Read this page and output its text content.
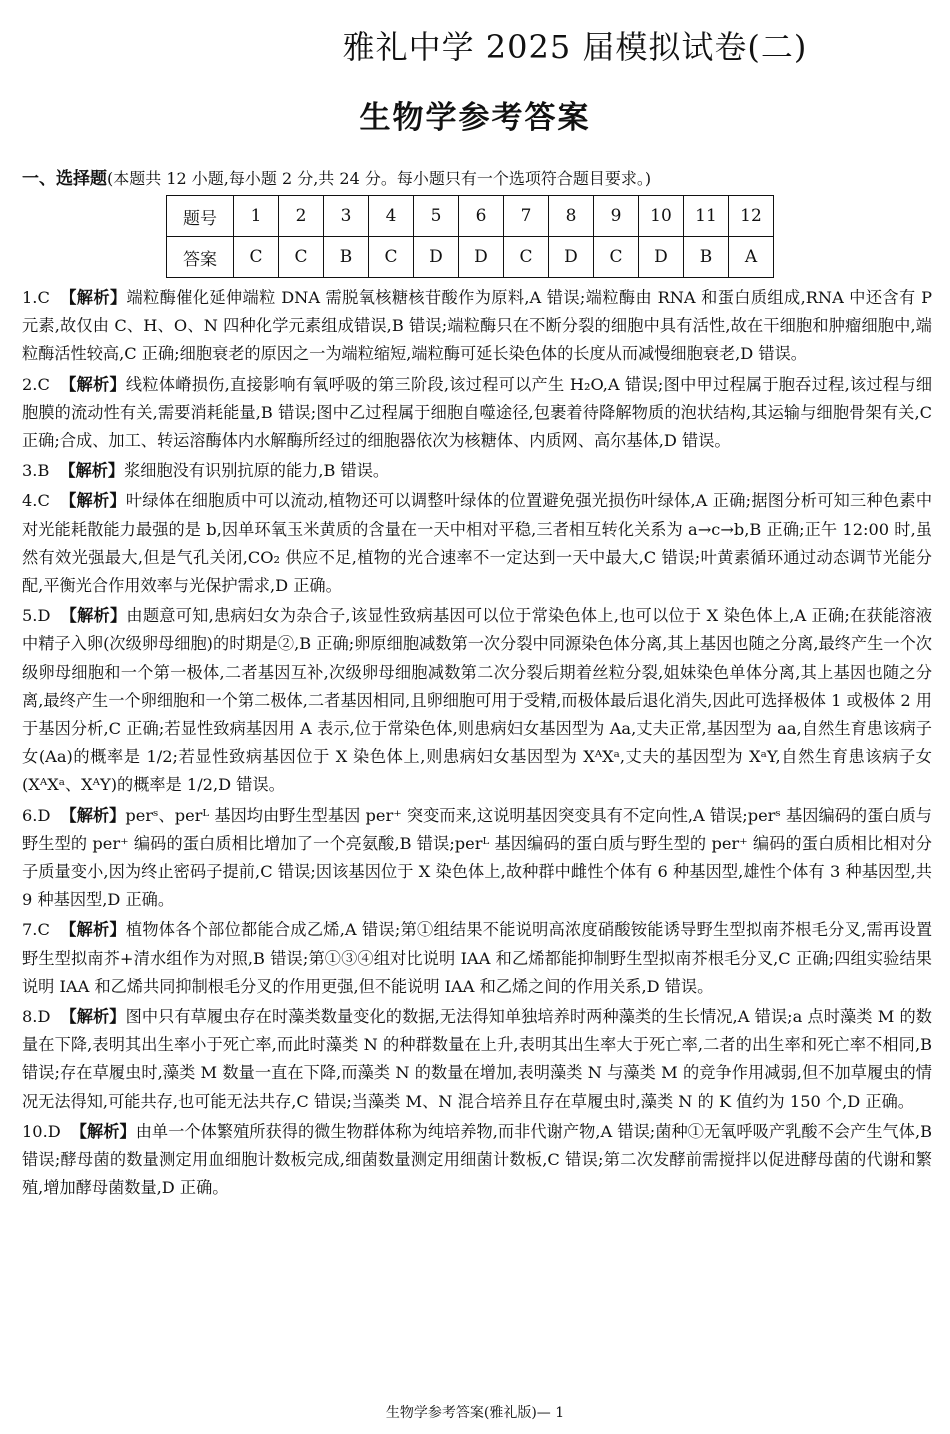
雅礼中学 2025 届模拟试卷(二)
生物学参考答案
一、选择题(本题共 12 小题,每小题 2 分,共 24 分。每小题只有一个选项符合题目要求。)
题号	1	2	3	4	5	6	7	8	9	10	11	12
答案	C	C	B	C	D	D	C	D	C	D	B	A

1.C 【解析】端粒酶催化延伸端粒 DNA 需脱氧核糖核苷酸作为原料,A 错误;端粒酶由 RNA 和蛋白质组成,RNA 中还含有 P 元素,故仅由 C、H、O、N 四种化学元素组成错误,B 错误;端粒酶只在不断分裂的细胞中具有活性,故在干细胞和肿瘤细胞中,端粒酶活性较高,C 正确;细胞衰老的原因之一为端粒缩短,端粒酶可延长染色体的长度从而减慢细胞衰老,D 错误。

2.C 【解析】线粒体嵴损伤,直接影响有氧呼吸的第三阶段,该过程可以产生 H₂O,A 错误;图中甲过程属于胞吞过程,该过程与细胞膜的流动性有关,需要消耗能量,B 错误;图中乙过程属于细胞自噬途径,包裹着待降解物质的泡状结构,其运输与细胞骨架有关,C 正确;合成、加工、转运溶酶体内水解酶所经过的细胞器依次为核糖体、内质网、高尔基体,D 错误。

3.B 【解析】浆细胞没有识别抗原的能力,B 错误。

4.C 【解析】叶绿体在细胞质中可以流动,植物还可以调整叶绿体的位置避免强光损伤叶绿体,A 正确;据图分析可知三种色素中对光能耗散能力最强的是 b,因单环氧玉米黄质的含量在一天中相对平稳,三者相互转化关系为 a→c→b,B 正确;正午 12:00 时,虽然有效光强最大,但是气孔关闭,CO₂ 供应不足,植物的光合速率不一定达到一天中最大,C 错误;叶黄素循环通过动态调节光能分配,平衡光合作用效率与光保护需求,D 正确。

5.D 【解析】由题意可知,患病妇女为杂合子,该显性致病基因可以位于常染色体上,也可以位于 X 染色体上,A 正确;在获能溶液中精子入卵(次级卵母细胞)的时期是②,B 正确;卵原细胞减数第一次分裂中同源染色体分离,其上基因也随之分离,最终产生一个次级卵母细胞和一个第一极体,二者基因互补,次级卵母细胞减数第二次分裂后期着丝粒分裂,姐妹染色单体分离,其上基因也随之分离,最终产生一个卵细胞和一个第二极体,二者基因相同,且卵细胞可用于受精,而极体最后退化消失,因此可选择极体 1 或极体 2 用于基因分析,C 正确;若显性致病基因用 A 表示,位于常染色体,则患病妇女基因型为 Aa,丈夫正常,基因型为 aa,自然生育患该病子女(Aa)的概率是 1/2;若显性致病基因位于 X 染色体上,则患病妇女基因型为 XᴬXᵃ,丈夫的基因型为 XᵃY,自然生育患该病子女(XᴬXᵃ、XᴬY)的概率是 1/2,D 错误。

6.D 【解析】perˢ、perᴸ 基因均由野生型基因 per⁺ 突变而来,这说明基因突变具有不定向性,A 错误;perˢ 基因编码的蛋白质与野生型的 per⁺ 编码的蛋白质相比增加了一个亮氨酸,B 错误;perᴸ 基因编码的蛋白质与野生型的 per⁺ 编码的蛋白质相比相对分子质量变小,因为终止密码子提前,C 错误;因该基因位于 X 染色体上,故种群中雌性个体有 6 种基因型,雄性个体有 3 种基因型,共 9 种基因型,D 正确。

7.C 【解析】植物体各个部位都能合成乙烯,A 错误;第①组结果不能说明高浓度硝酸铵能诱导野生型拟南芥根毛分叉,需再设置野生型拟南芥+清水组作为对照,B 错误;第①③④组对比说明 IAA 和乙烯都能抑制野生型拟南芥根毛分叉,C 正确;四组实验结果说明 IAA 和乙烯共同抑制根毛分叉的作用更强,但不能说明 IAA 和乙烯之间的作用关系,D 错误。

8.D 【解析】图中只有草履虫存在时藻类数量变化的数据,无法得知单独培养时两种藻类的生长情况,A 错误;a 点时藻类 M 的数量在下降,表明其出生率小于死亡率,而此时藻类 N 的种群数量在上升,表明其出生率大于死亡率,二者的出生率和死亡率不相同,B 错误;存在草履虫时,藻类 M 数量一直在下降,而藻类 N 的数量在增加,表明藻类 N 与藻类 M 的竞争作用减弱,但不加草履虫的情况无法得知,可能共存,也可能无法共存,C 错误;当藻类 M、N 混合培养且存在草履虫时,藻类 N 的 K 值约为 150 个,D 正确。

10.D 【解析】由单一个体繁殖所获得的微生物群体称为纯培养物,而非代谢产物,A 错误;菌种①无氧呼吸产乳酸不会产生气体,B 错误;酵母菌的数量测定用血细胞计数板完成,细菌数量测定用细菌计数板,C 错误;第二次发酵前需搅拌以促进酵母菌的代谢和繁殖,增加酵母菌数量,D 正确。

生物学参考答案(雅礼版)— 1
